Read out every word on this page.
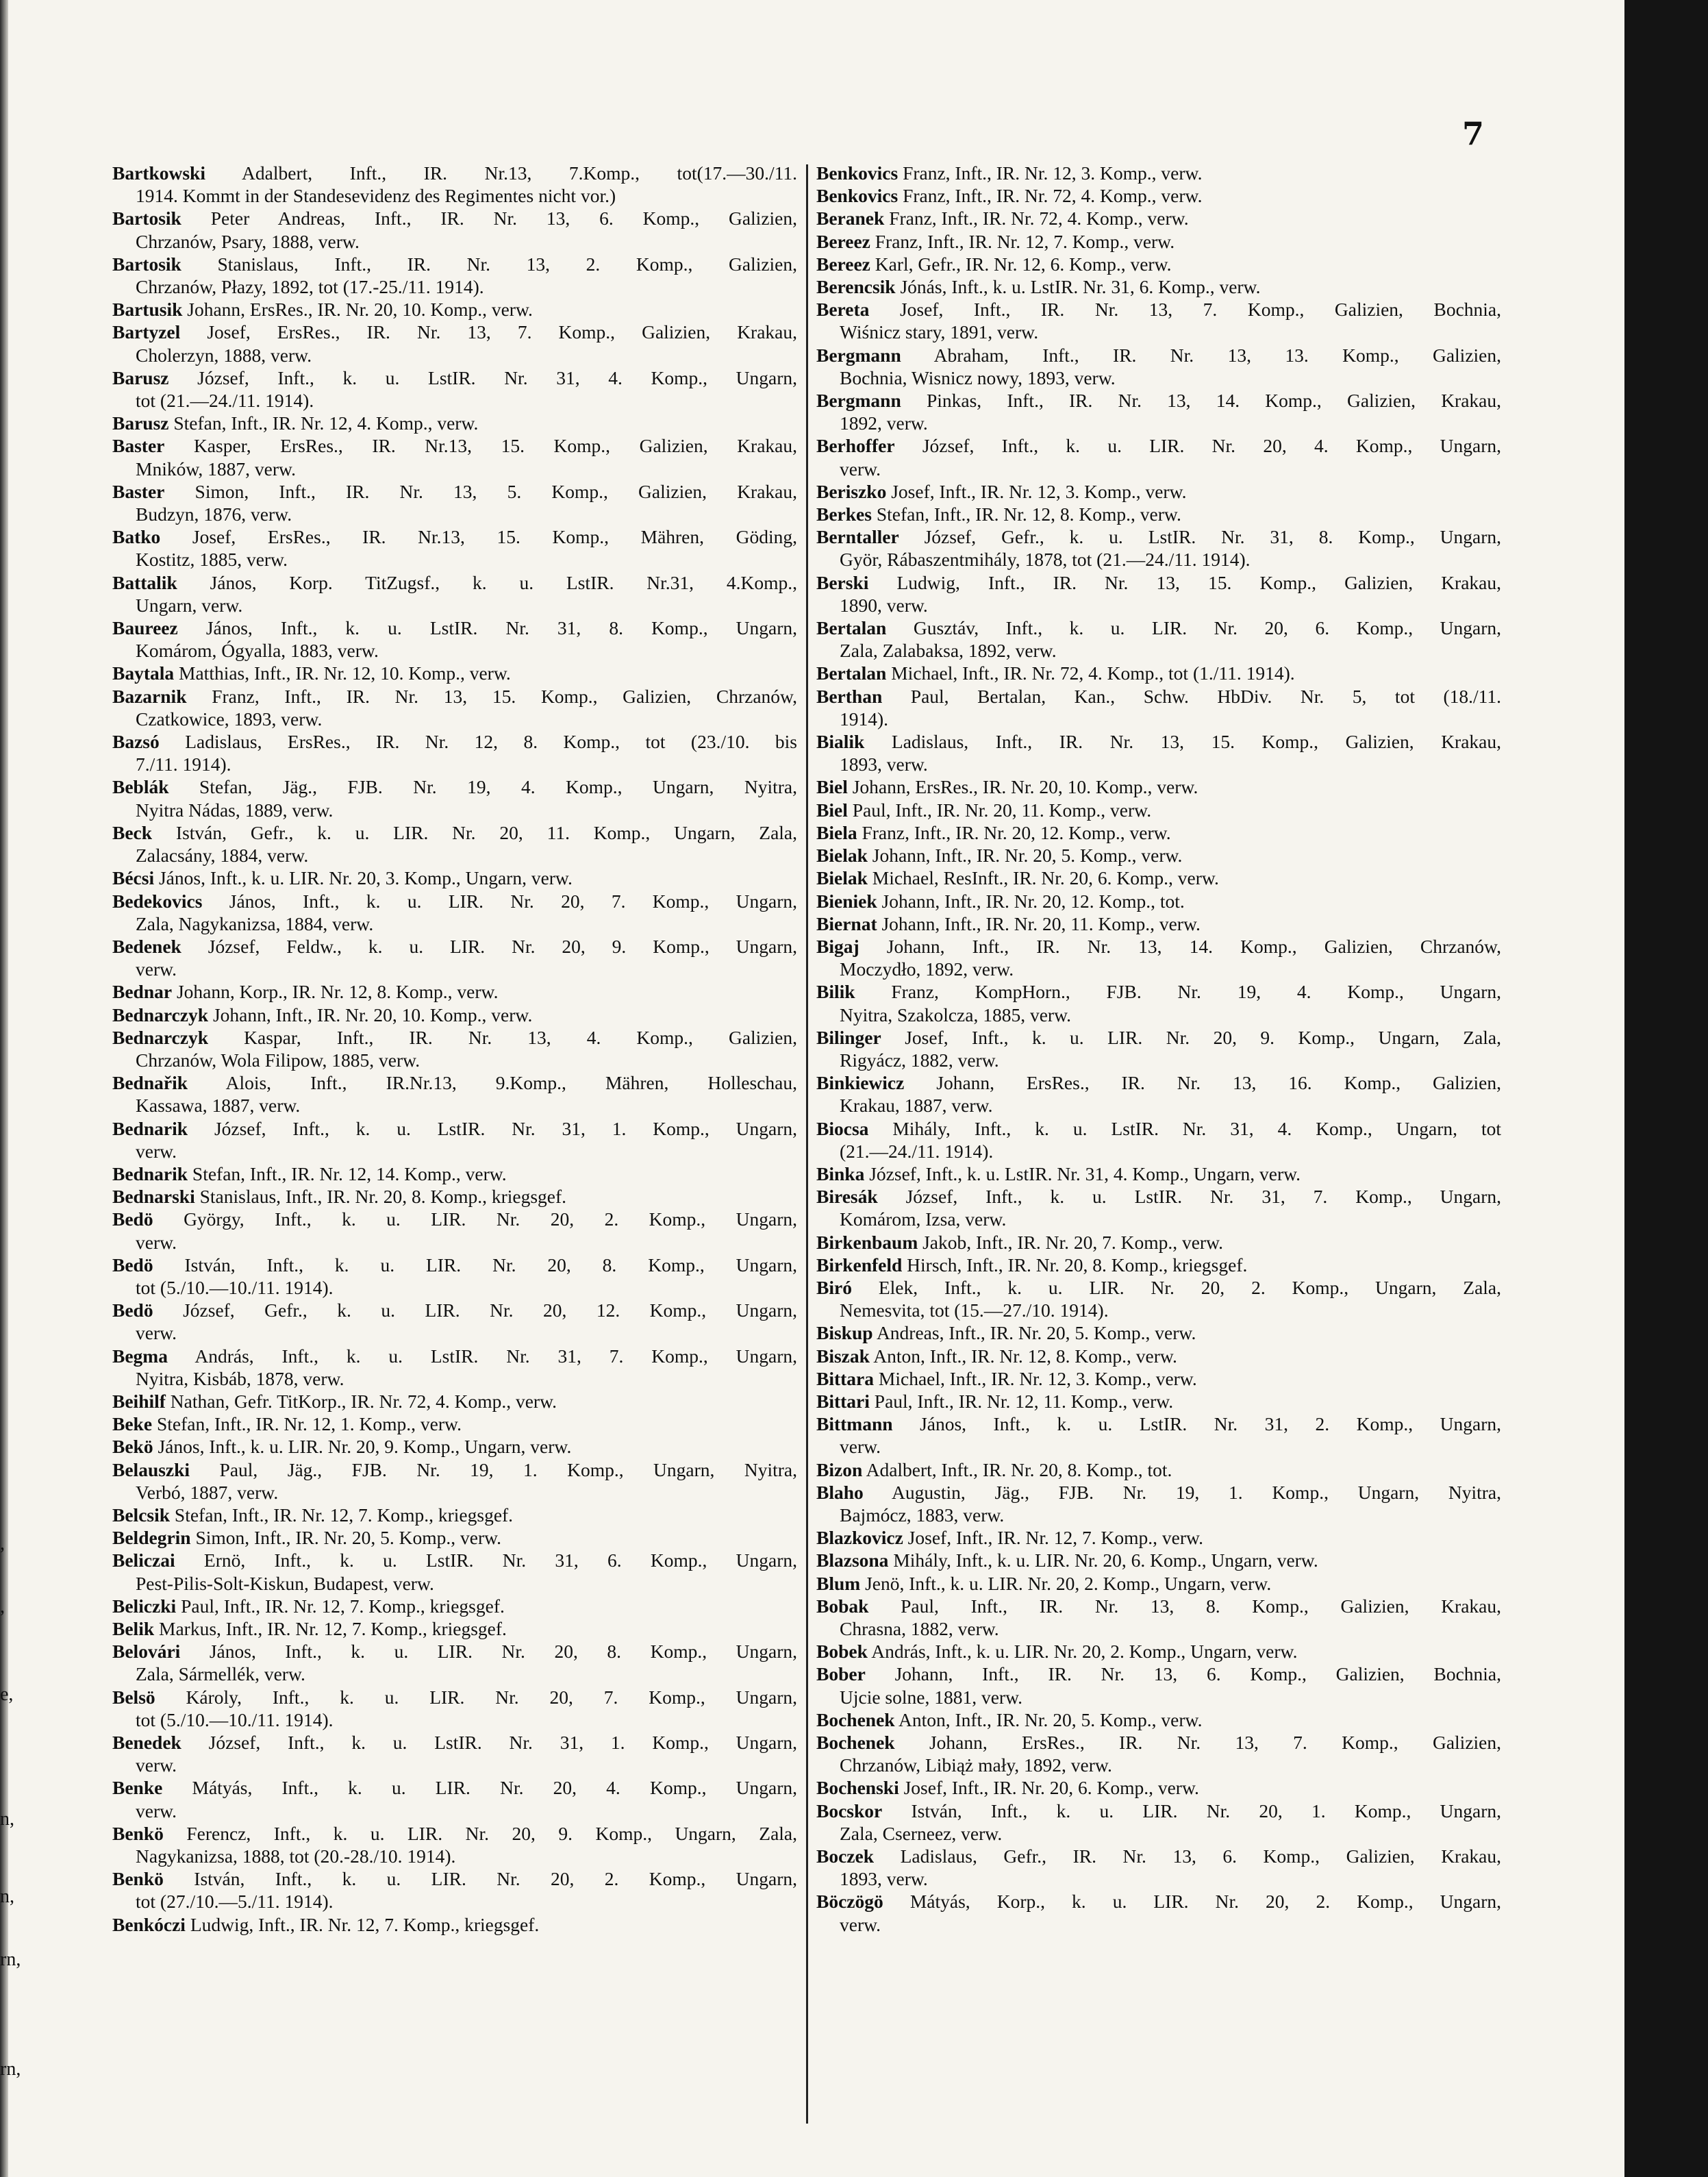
,
,
e,
n,
n,
rn,
rn,
7
Bartkowski Adalbert, Inft., IR. Nr.13, 7.Komp., tot(17.—30./11.
1914. Kommt in der Standesevidenz des Regimentes nicht vor.)
Bartosik Peter Andreas, Inft., IR. Nr. 13, 6. Komp., Galizien,
Chrzanów, Psary, 1888, verw.
Bartosik Stanislaus, Inft., IR. Nr. 13, 2. Komp., Galizien,
Chrzanów, Płazy, 1892, tot (17.-25./11. 1914).
Bartusik Johann, ErsRes., IR. Nr. 20, 10. Komp., verw.
Bartyzel Josef, ErsRes., IR. Nr. 13, 7. Komp., Galizien, Krakau,
Cholerzyn, 1888, verw.
Barusz József, Inft., k. u. LstIR. Nr. 31, 4. Komp., Ungarn,
tot (21.—24./11. 1914).
Barusz Stefan, Inft., IR. Nr. 12, 4. Komp., verw.
Baster Kasper, ErsRes., IR. Nr.13, 15. Komp., Galizien, Krakau,
Mników, 1887, verw.
Baster Simon, Inft., IR. Nr. 13, 5. Komp., Galizien, Krakau,
Budzyn, 1876, verw.
Batko Josef, ErsRes., IR. Nr.13, 15. Komp., Mähren, Göding,
Kostitz, 1885, verw.
Battalik János, Korp. TitZugsf., k. u. LstIR. Nr.31, 4.Komp.,
Ungarn, verw.
Baureez János, Inft., k. u. LstIR. Nr. 31, 8. Komp., Ungarn,
Komárom, Ógyalla, 1883, verw.
Baytala Matthias, Inft., IR. Nr. 12, 10. Komp., verw.
Bazarnik Franz, Inft., IR. Nr. 13, 15. Komp., Galizien, Chrzanów,
Czatkowice, 1893, verw.
Bazsó Ladislaus, ErsRes., IR. Nr. 12, 8. Komp., tot (23./10. bis
7./11. 1914).
Beblák Stefan, Jäg., FJB. Nr. 19, 4. Komp., Ungarn, Nyitra,
Nyitra Nádas, 1889, verw.
Beck István, Gefr., k. u. LIR. Nr. 20, 11. Komp., Ungarn, Zala,
Zalacsány, 1884, verw.
Bécsi János, Inft., k. u. LIR. Nr. 20, 3. Komp., Ungarn, verw.
Bedekovics János, Inft., k. u. LIR. Nr. 20, 7. Komp., Ungarn,
Zala, Nagykanizsa, 1884, verw.
Bedenek József, Feldw., k. u. LIR. Nr. 20, 9. Komp., Ungarn,
verw.
Bednar Johann, Korp., IR. Nr. 12, 8. Komp., verw.
Bednarczyk Johann, Inft., IR. Nr. 20, 10. Komp., verw.
Bednarczyk Kaspar, Inft., IR. Nr. 13, 4. Komp., Galizien,
Chrzanów, Wola Filipow, 1885, verw.
Bednařik Alois, Inft., IR.Nr.13, 9.Komp., Mähren, Holleschau,
Kassawa, 1887, verw.
Bednarik József, Inft., k. u. LstIR. Nr. 31, 1. Komp., Ungarn,
verw.
Bednarik Stefan, Inft., IR. Nr. 12, 14. Komp., verw.
Bednarski Stanislaus, Inft., IR. Nr. 20, 8. Komp., kriegsgef.
Bedö György, Inft., k. u. LIR. Nr. 20, 2. Komp., Ungarn,
verw.
Bedö István, Inft., k. u. LIR. Nr. 20, 8. Komp., Ungarn,
tot (5./10.—10./11. 1914).
Bedö József, Gefr., k. u. LIR. Nr. 20, 12. Komp., Ungarn,
verw.
Begma András, Inft., k. u. LstIR. Nr. 31, 7. Komp., Ungarn,
Nyitra, Kisbáb, 1878, verw.
Beihilf Nathan, Gefr. TitKorp., IR. Nr. 72, 4. Komp., verw.
Beke Stefan, Inft., IR. Nr. 12, 1. Komp., verw.
Bekö János, Inft., k. u. LIR. Nr. 20, 9. Komp., Ungarn, verw.
Belauszki Paul, Jäg., FJB. Nr. 19, 1. Komp., Ungarn, Nyitra,
Verbó, 1887, verw.
Belcsik Stefan, Inft., IR. Nr. 12, 7. Komp., kriegsgef.
Beldegrin Simon, Inft., IR. Nr. 20, 5. Komp., verw.
Beliczai Ernö, Inft., k. u. LstIR. Nr. 31, 6. Komp., Ungarn,
Pest-Pilis-Solt-Kiskun, Budapest, verw.
Beliczki Paul, Inft., IR. Nr. 12, 7. Komp., kriegsgef.
Belik Markus, Inft., IR. Nr. 12, 7. Komp., kriegsgef.
Belovári János, Inft., k. u. LIR. Nr. 20, 8. Komp., Ungarn,
Zala, Sármellék, verw.
Belsö Károly, Inft., k. u. LIR. Nr. 20, 7. Komp., Ungarn,
tot (5./10.—10./11. 1914).
Benedek József, Inft., k. u. LstIR. Nr. 31, 1. Komp., Ungarn,
verw.
Benke Mátyás, Inft., k. u. LIR. Nr. 20, 4. Komp., Ungarn,
verw.
Benkö Ferencz, Inft., k. u. LIR. Nr. 20, 9. Komp., Ungarn, Zala,
Nagykanizsa, 1888, tot (20.-28./10. 1914).
Benkö István, Inft., k. u. LIR. Nr. 20, 2. Komp., Ungarn,
tot (27./10.—5./11. 1914).
Benkóczi Ludwig, Inft., IR. Nr. 12, 7. Komp., kriegsgef.
Benkovics Franz, Inft., IR. Nr. 12, 3. Komp., verw.
Benkovics Franz, Inft., IR. Nr. 72, 4. Komp., verw.
Beranek Franz, Inft., IR. Nr. 72, 4. Komp., verw.
Bereez Franz, Inft., IR. Nr. 12, 7. Komp., verw.
Bereez Karl, Gefr., IR. Nr. 12, 6. Komp., verw.
Berencsik Jónás, Inft., k. u. LstIR. Nr. 31, 6. Komp., verw.
Bereta Josef, Inft., IR. Nr. 13, 7. Komp., Galizien, Bochnia,
Wiśnicz stary, 1891, verw.
Bergmann Abraham, Inft., IR. Nr. 13, 13. Komp., Galizien,
Bochnia, Wisnicz nowy, 1893, verw.
Bergmann Pinkas, Inft., IR. Nr. 13, 14. Komp., Galizien, Krakau,
1892, verw.
Berhoffer József, Inft., k. u. LIR. Nr. 20, 4. Komp., Ungarn,
verw.
Beriszko Josef, Inft., IR. Nr. 12, 3. Komp., verw.
Berkes Stefan, Inft., IR. Nr. 12, 8. Komp., verw.
Berntaller József, Gefr., k. u. LstIR. Nr. 31, 8. Komp., Ungarn,
Györ, Rábaszentmihály, 1878, tot (21.—24./11. 1914).
Berski Ludwig, Inft., IR. Nr. 13, 15. Komp., Galizien, Krakau,
1890, verw.
Bertalan Gusztáv, Inft., k. u. LIR. Nr. 20, 6. Komp., Ungarn,
Zala, Zalabaksa, 1892, verw.
Bertalan Michael, Inft., IR. Nr. 72, 4. Komp., tot (1./11. 1914).
Berthan Paul, Bertalan, Kan., Schw. HbDiv. Nr. 5, tot (18./11.
1914).
Bialik Ladislaus, Inft., IR. Nr. 13, 15. Komp., Galizien, Krakau,
1893, verw.
Biel Johann, ErsRes., IR. Nr. 20, 10. Komp., verw.
Biel Paul, Inft., IR. Nr. 20, 11. Komp., verw.
Biela Franz, Inft., IR. Nr. 20, 12. Komp., verw.
Bielak Johann, Inft., IR. Nr. 20, 5. Komp., verw.
Bielak Michael, ResInft., IR. Nr. 20, 6. Komp., verw.
Bieniek Johann, Inft., IR. Nr. 20, 12. Komp., tot.
Biernat Johann, Inft., IR. Nr. 20, 11. Komp., verw.
Bigaj Johann, Inft., IR. Nr. 13, 14. Komp., Galizien, Chrzanów,
Moczydło, 1892, verw.
Bilik Franz, KompHorn., FJB. Nr. 19, 4. Komp., Ungarn,
Nyitra, Szakolcza, 1885, verw.
Bilinger Josef, Inft., k. u. LIR. Nr. 20, 9. Komp., Ungarn, Zala,
Rigyácz, 1882, verw.
Binkiewicz Johann, ErsRes., IR. Nr. 13, 16. Komp., Galizien,
Krakau, 1887, verw.
Biocsa Mihály, Inft., k. u. LstIR. Nr. 31, 4. Komp., Ungarn, tot
(21.—24./11. 1914).
Binka József, Inft., k. u. LstIR. Nr. 31, 4. Komp., Ungarn, verw.
Biresák József, Inft., k. u. LstIR. Nr. 31, 7. Komp., Ungarn,
Komárom, Izsa, verw.
Birkenbaum Jakob, Inft., IR. Nr. 20, 7. Komp., verw.
Birkenfeld Hirsch, Inft., IR. Nr. 20, 8. Komp., kriegsgef.
Biró Elek, Inft., k. u. LIR. Nr. 20, 2. Komp., Ungarn, Zala,
Nemesvita, tot (15.—27./10. 1914).
Biskup Andreas, Inft., IR. Nr. 20, 5. Komp., verw.
Biszak Anton, Inft., IR. Nr. 12, 8. Komp., verw.
Bittara Michael, Inft., IR. Nr. 12, 3. Komp., verw.
Bittari Paul, Inft., IR. Nr. 12, 11. Komp., verw.
Bittmann János, Inft., k. u. LstIR. Nr. 31, 2. Komp., Ungarn,
verw.
Bizon Adalbert, Inft., IR. Nr. 20, 8. Komp., tot.
Blaho Augustin, Jäg., FJB. Nr. 19, 1. Komp., Ungarn, Nyitra,
Bajmócz, 1883, verw.
Blazkovicz Josef, Inft., IR. Nr. 12, 7. Komp., verw.
Blazsona Mihály, Inft., k. u. LIR. Nr. 20, 6. Komp., Ungarn, verw.
Blum Jenö, Inft., k. u. LIR. Nr. 20, 2. Komp., Ungarn, verw.
Bobak Paul, Inft., IR. Nr. 13, 8. Komp., Galizien, Krakau,
Chrasna, 1882, verw.
Bobek András, Inft., k. u. LIR. Nr. 20, 2. Komp., Ungarn, verw.
Bober Johann, Inft., IR. Nr. 13, 6. Komp., Galizien, Bochnia,
Ujcie solne, 1881, verw.
Bochenek Anton, Inft., IR. Nr. 20, 5. Komp., verw.
Bochenek Johann, ErsRes., IR. Nr. 13, 7. Komp., Galizien,
Chrzanów, Libiąż mały, 1892, verw.
Bochenski Josef, Inft., IR. Nr. 20, 6. Komp., verw.
Bocskor István, Inft., k. u. LIR. Nr. 20, 1. Komp., Ungarn,
Zala, Cserneez, verw.
Boczek Ladislaus, Gefr., IR. Nr. 13, 6. Komp., Galizien, Krakau,
1893, verw.
Böczögö Mátyás, Korp., k. u. LIR. Nr. 20, 2. Komp., Ungarn,
verw.
